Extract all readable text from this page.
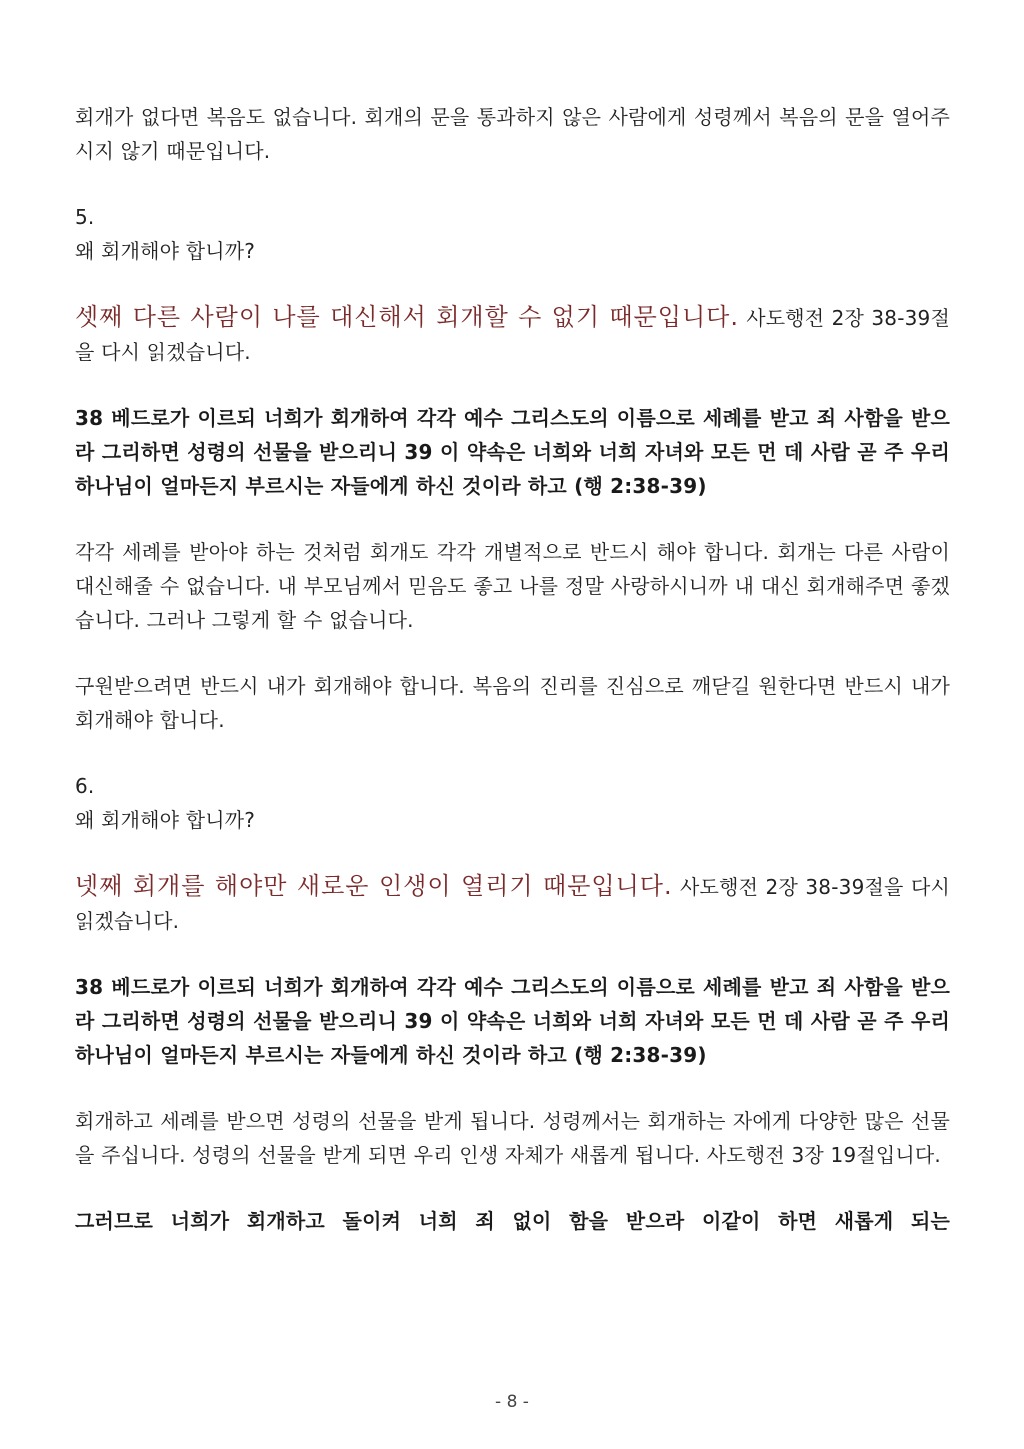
회개가 없다면 복음도 없습니다. 회개의 문을 통과하지 않은 사람에게 성령께서 복음의 문을 열어주시지 않기 때문입니다.

5.

왜 회개해야 합니까?

셋째 다른 사람이 나를 대신해서 회개할 수 없기 때문입니다. 사도행전 2장 38-39절을 다시 읽겠습니다.

38 베드로가 이르되 너희가 회개하여 각각 예수 그리스도의 이름으로 세례를 받고 죄 사함을 받으라 그리하면 성령의 선물을 받으리니 39 이 약속은 너희와 너희 자녀와 모든 먼 데 사람 곧 주 우리 하나님이 얼마든지 부르시는 자들에게 하신 것이라 하고 (행 2:38-39)

각각 세례를 받아야 하는 것처럼 회개도 각각 개별적으로 반드시 해야 합니다. 회개는 다른 사람이 대신해줄 수 없습니다. 내 부모님께서 믿음도 좋고 나를 정말 사랑하시니까 내 대신 회개해주면 좋겠습니다. 그러나 그렇게 할 수 없습니다.

구원받으려면 반드시 내가 회개해야 합니다. 복음의 진리를 진심으로 깨닫길 원한다면 반드시 내가 회개해야 합니다.

6.

왜 회개해야 합니까?

넷째 회개를 해야만 새로운 인생이 열리기 때문입니다. 사도행전 2장 38-39절을 다시 읽겠습니다.

38 베드로가 이르되 너희가 회개하여 각각 예수 그리스도의 이름으로 세례를 받고 죄 사함을 받으라 그리하면 성령의 선물을 받으리니 39 이 약속은 너희와 너희 자녀와 모든 먼 데 사람 곧 주 우리 하나님이 얼마든지 부르시는 자들에게 하신 것이라 하고 (행 2:38-39)

회개하고 세례를 받으면 성령의 선물을 받게 됩니다. 성령께서는 회개하는 자에게 다양한 많은 선물을 주십니다. 성령의 선물을 받게 되면 우리 인생 자체가 새롭게 됩니다. 사도행전 3장 19절입니다.

그러므로 너희가 회개하고 돌이켜 너희 죄 없이 함을 받으라 이같이 하면 새롭게 되는

- 8 -
